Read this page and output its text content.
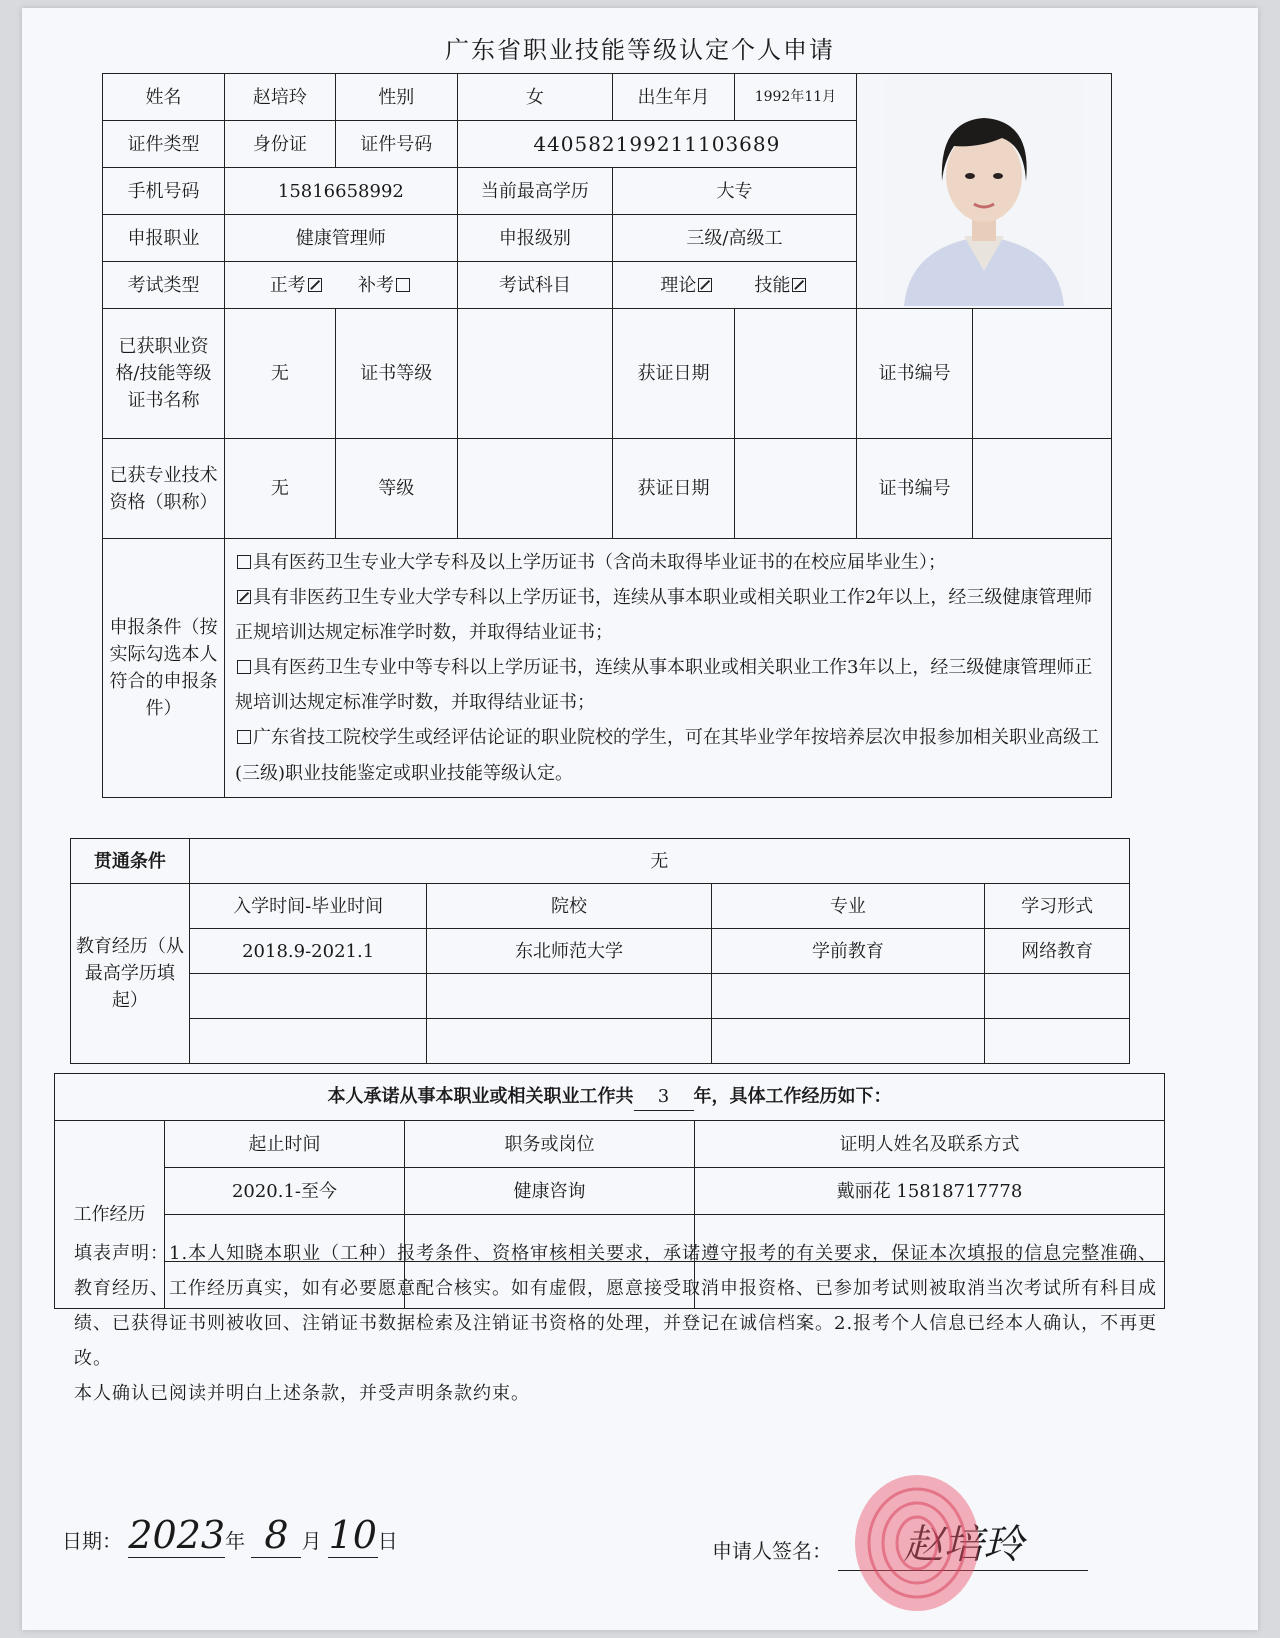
广东省职业技能等级认定个人申请
姓名	赵培玲	性别	女	出生年月	1992年11月	

证件类型	身份证	证件号码	440582199211103689				
手机号码	15816658992		当前最高学历	大专			
申报职业	健康管理师		申报级别	三级/高级工			
考试类型	正考 补考		考试科目	理论 技能			
已获职业资格/技能等级证书名称	无	证书等级		获证日期		证书编号	
已获专业技术资格（职称）	无	等级		获证日期		证书编号	
申报条件（按实际勾选本人符合的申报条件）	具有医药卫生专业大学专科及以上学历证书（含尚未取得毕业证书的在校应届毕业生）；

具有非医药卫生专业大学专科以上学历证书，连续从事本职业或相关职业工作2年以上，经三级健康管理师正规培训达规定标准学时数，并取得结业证书；

具有医药卫生专业中等专科以上学历证书，连续从事本职业或相关职业工作3年以上，经三级健康管理师正规培训达规定标准学时数，并取得结业证书；

广东省技工院校学生或经评估论证的职业院校的学生，可在其毕业学年按培养层次申报参加相关职业高级工(三级)职业技能鉴定或职业技能等级认定。						

贯通条件	无			
教育经历（从最高学历填起）	入学时间-毕业时间	院校	专业	学习形式
	2018.9-2021.1	东北师范大学	学前教育	网络教育

本人承诺从事本职业或相关职业工作共 3 年，具体工作经历如下：			
工作经历	起止时间	职务或岗位	证明人姓名及联系方式
	2020.1-至今	健康咨询	戴丽花 15818717778

填表声明：1.本人知晓本职业（工种）报考条件、资格审核相关要求，承诺遵守报考的有关要求，保证本次填报的信息完整准确、教育经历、工作经历真实，如有必要愿意配合核实。如有虚假，愿意接受取消申报资格、已参加考试则被取消当次考试所有科目成绩、已获得证书则被收回、注销证书数据检索及注销证书资格的处理，并登记在诚信档案。2.报考个人信息已经本人确认，不再更改。

本人确认已阅读并明白上述条款，并受声明条款约束。

日期： 2023年 8 月 10日	申请人签名： 赵培玲
